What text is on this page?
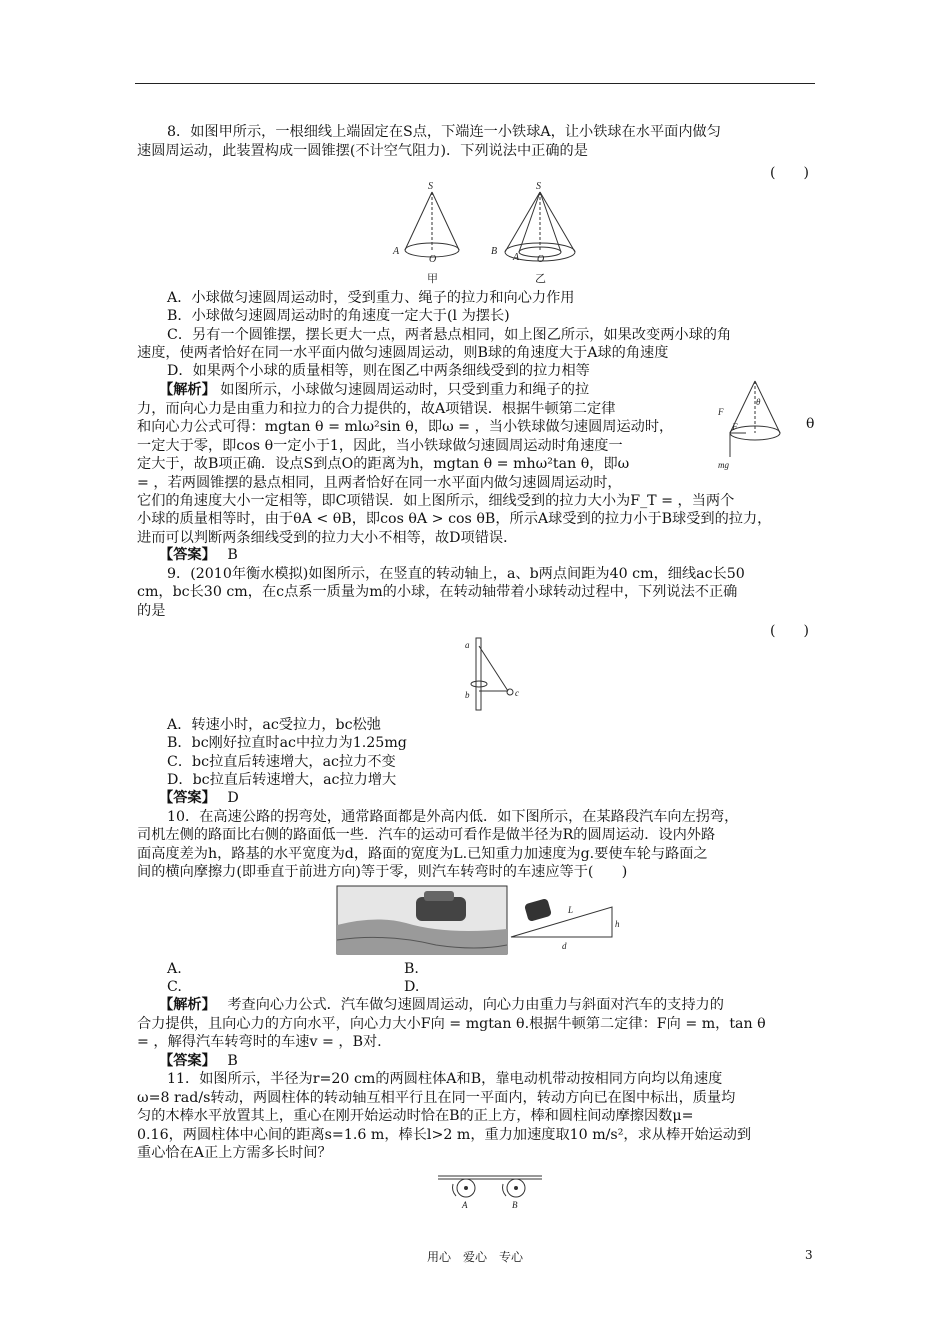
8．如图甲所示，一根细线上端固定在S点，下端连一小铁球A，让小铁球在水平面内做匀
速圆周运动，此装置构成一圆锥摆(不计空气阻力)．下列说法中正确的是
(　　)
S
A
O
S
B
A O
甲	乙
A．小球做匀速圆周运动时，受到重力、绳子的拉力和向心力作用
B．小球做匀速圆周运动时的角速度一定大于(l 为摆长)
C．另有一个圆锥摆，摆长更大一点，两者悬点相同，如上图乙所示，如果改变两小球的角
速度，使两者恰好在同一水平面内做匀速圆周运动，则B球的角速度大于A球的角速度
D．如果两个小球的质量相等，则在图乙中两条细线受到的拉力相等
【解析】 如图所示，小球做匀速圆周运动时，只受到重力和绳子的拉
力，而向心力是由重力和拉力的合力提供的，故A项错误．根据牛顿第二定律
和向心力公式可得：mgtan θ = mlω²sin θ，即ω = ，当小铁球做匀速圆周运动时，
一定大于零，即cos θ一定小于1，因此，当小铁球做匀速圆周运动时角速度一
定大于，故B项正确．设点S到点O的距离为h，mgtan θ = mhω²tan θ，即ω
= ，若两圆锥摆的悬点相同，且两者恰好在同一水平面内做匀速圆周运动时，
它们的角速度大小一定相等，即C项错误．如上图所示，细线受到的拉力大小为F_T = ，当两个
小球的质量相等时，由于θA < θB，即cos θA > cos θB，所示A球受到的拉力小于B球受到的拉力，
进而可以判断两条细线受到的拉力大小不相等，故D项错误．
F
F
θ
mg
θ
【答案】　 B
9．(2010年衡水模拟)如图所示，在竖直的转动轴上，a、b两点间距为40 cm，细线ac长50
cm，bc长30 cm，在c点系一质量为m的小球，在转动轴带着小球转动过程中，下列说法不正确
的是
(　　)
a
b	c
A．转速小时，ac受拉力，bc松弛
B．bc刚好拉直时ac中拉力为1.25mg
C．bc拉直后转速增大，ac拉力不变
D．bc拉直后转速增大，ac拉力增大
【答案】　 D
10．在高速公路的拐弯处，通常路面都是外高内低．如下图所示，在某路段汽车向左拐弯，
司机左侧的路面比右侧的路面低一些．汽车的运动可看作是做半径为R的圆周运动．设内外路
面高度差为h，路基的水平宽度为d，路面的宽度为L.已知重力加速度为g.要使车轮与路面之
间的横向摩擦力(即垂直于前进方向)等于零，则汽车转弯时的车速应等于(　　)
L
h
d
A.	B.
C.	D.
【解析】　 考查向心力公式．汽车做匀速圆周运动，向心力由重力与斜面对汽车的支持力的
合力提供，且向心力的方向水平，向心力大小F向 = mgtan θ.根据牛顿第二定律：F向 = m，tan θ
= ，解得汽车转弯时的车速v = ，B对.
【答案】　 B
11．如图所示，半径为r=20 cm的两圆柱体A和B，靠电动机带动按相同方向均以角速度
ω=8 rad/s转动，两圆柱体的转动轴互相平行且在同一平面内，转动方向已在图中标出，质量均
匀的木棒水平放置其上，重心在刚开始运动时恰在B的正上方，棒和圆柱间动摩擦因数μ=
0.16，两圆柱体中心间的距离s=1.6 m，棒长l>2 m，重力加速度取10 m/s²，求从棒开始运动到
重心恰在A正上方需多长时间？
A	B
用心　爱心　专心	3
